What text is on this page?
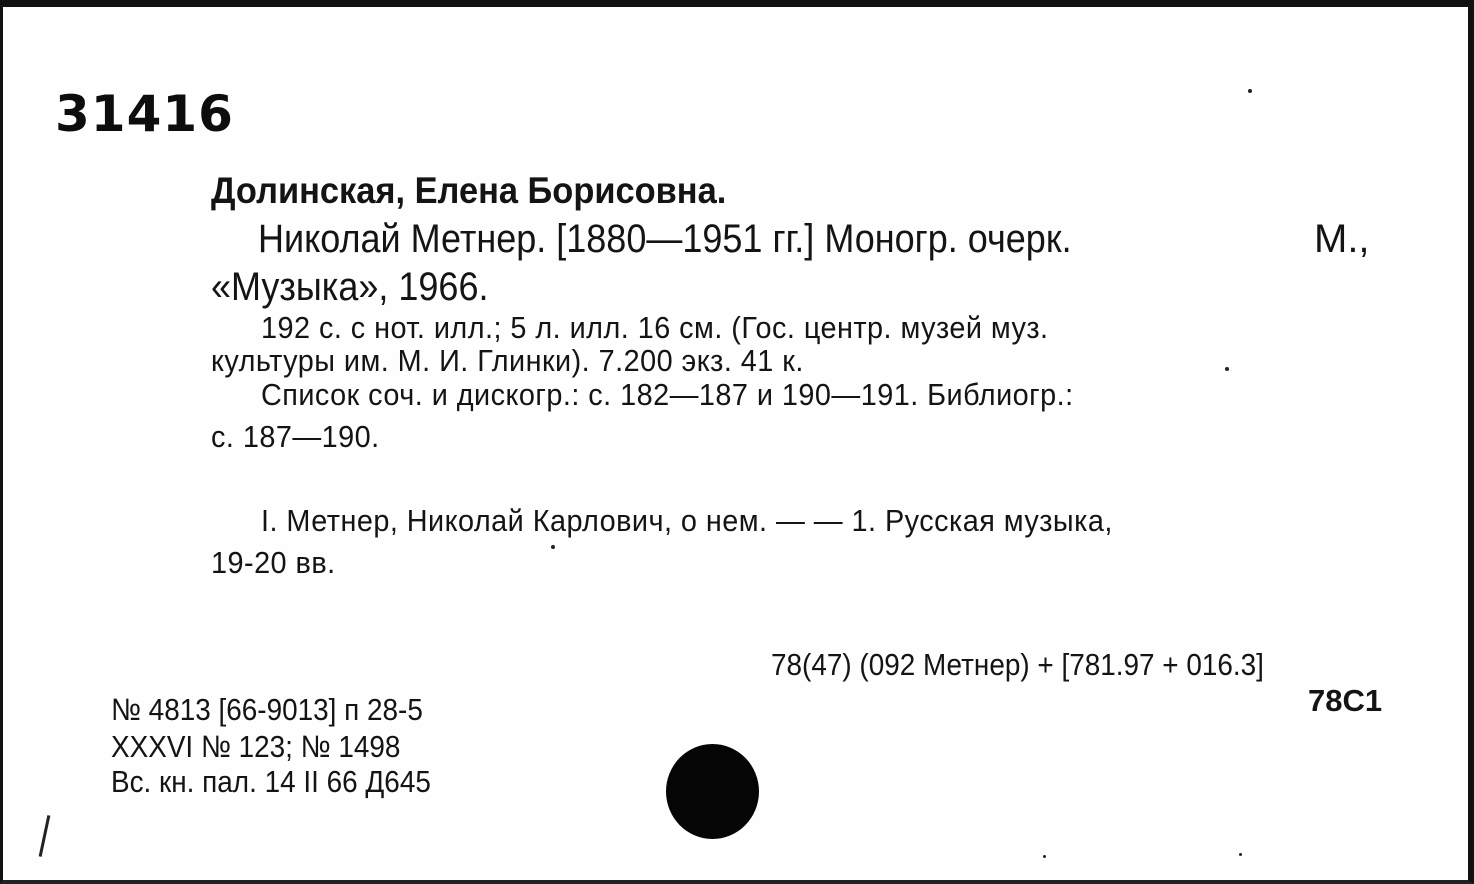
31416
Долинская, Елена Борисовна.
Николай Метнер. [1880—1951 гг.] Моногр. очерк.	М.,
«Музыка», 1966.
192 с. с нот. илл.; 5 л. илл. 16 см. (Гос. центр. музей муз.
культуры им. М. И. Глинки). 7.200 экз. 41 к.
Список соч. и дискогр.: с. 182—187 и 190—191. Библиогр.:
с. 187—190.
I. Метнер, Николай Карлович, о нем. — — 1. Русская музыка,
19-20 вв.
78(47) (092 Метнер) + [781.97 + 016.3]
78С1
№ 4813 [66-9013] п 28-5
XXXVI № 123; № 1498
Вс. кн. пал. 14 II 66 Д645
